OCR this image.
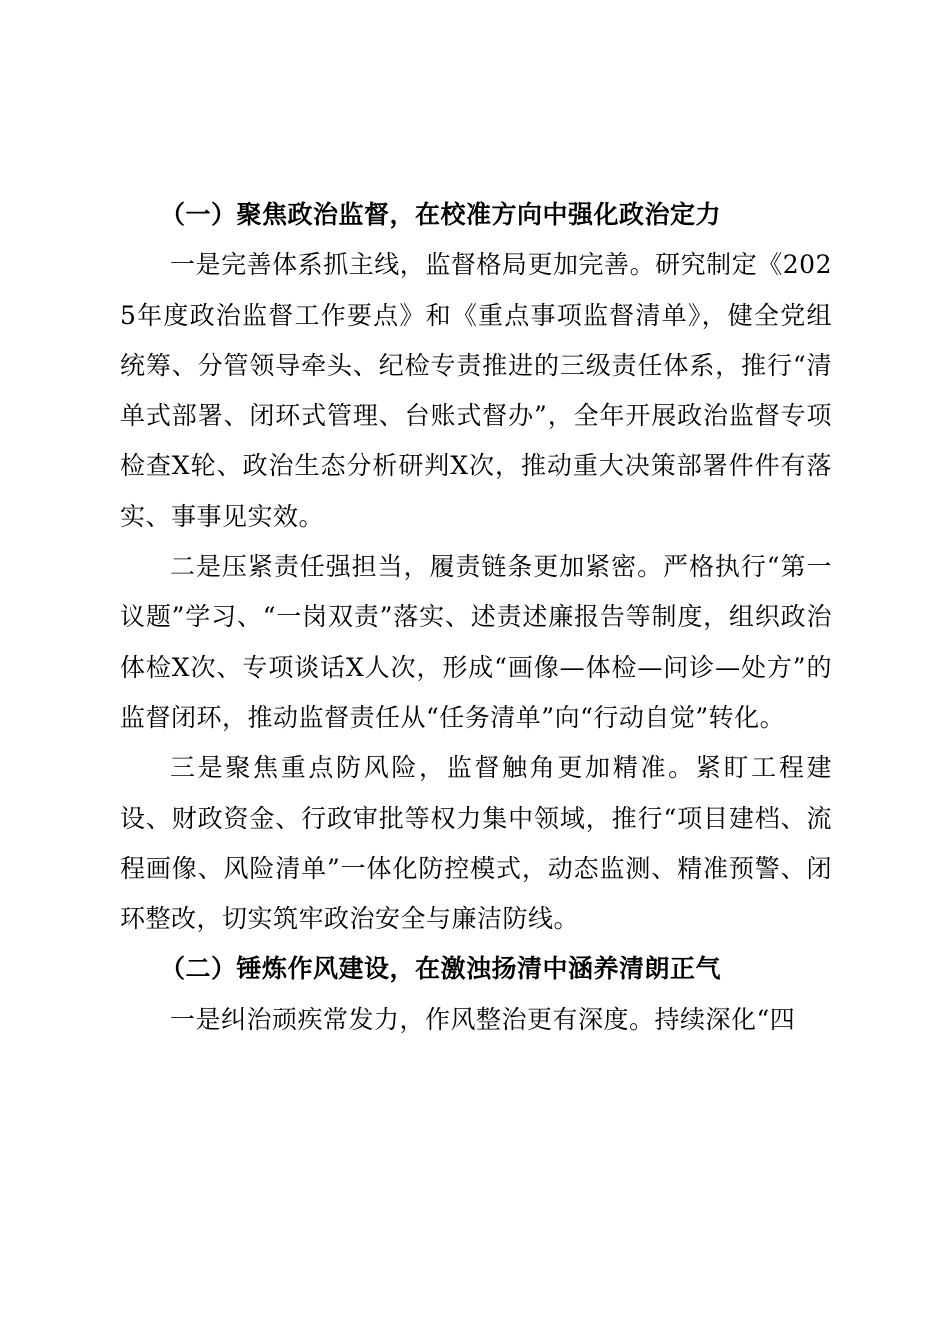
（一）聚焦政治监督，在校准方向中强化政治定力

一是完善体系抓主线，监督格局更加完善。研究制定《2025年度政治监督工作要点》和《重点事项监督清单》，健全党组统筹、分管领导牵头、纪检专责推进的三级责任体系，推行“清单式部署、闭环式管理、台账式督办”，全年开展政治监督专项检查X轮、政治生态分析研判X次，推动重大决策部署件件有落实、事事见实效。

二是压紧责任强担当，履责链条更加紧密。严格执行“第一议题”学习、“一岗双责”落实、述责述廉报告等制度，组织政治体检X次、专项谈话X人次，形成“画像—体检—问诊—处方”的监督闭环，推动监督责任从“任务清单”向“行动自觉”转化。

三是聚焦重点防风险，监督触角更加精准。紧盯工程建设、财政资金、行政审批等权力集中领域，推行“项目建档、流程画像、风险清单”一体化防控模式，动态监测、精准预警、闭环整改，切实筑牢政治安全与廉洁防线。

（二）锤炼作风建设，在激浊扬清中涵养清朗正气

一是纠治顽疾常发力，作风整治更有深度。持续深化“四
